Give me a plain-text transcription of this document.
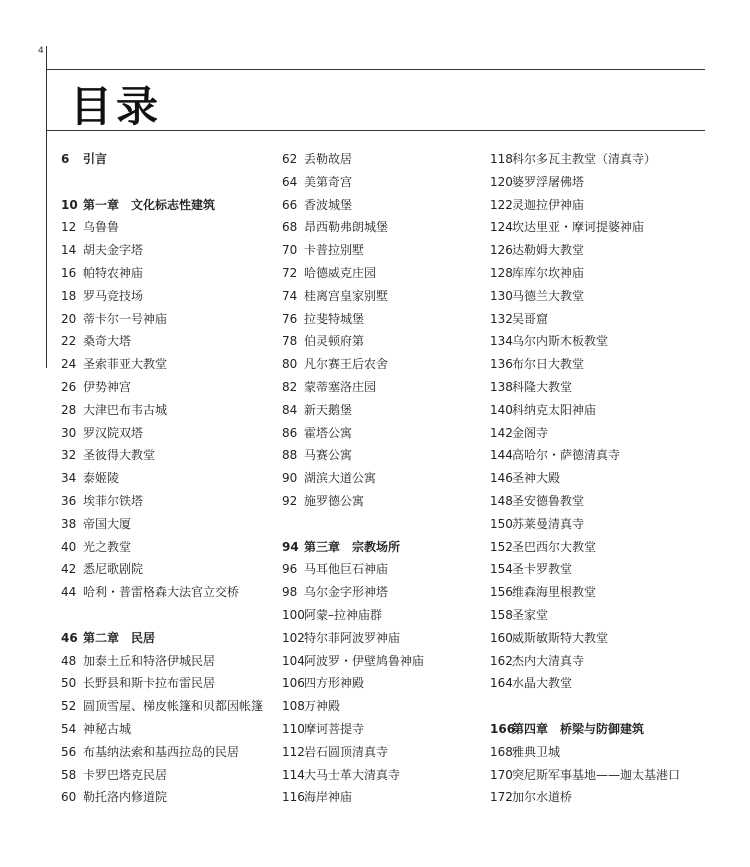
4
目录
6 引言
10 第一章　文化标志性建筑
12 乌鲁鲁
14 胡夫金字塔
16 帕特农神庙
18 罗马竞技场
20 蒂卡尔一号神庙
22 桑奇大塔
24 圣索菲亚大教堂
26 伊势神宫
28 大津巴布韦古城
30 罗汉院双塔
32 圣彼得大教堂
34 泰姬陵
36 埃菲尔铁塔
38 帝国大厦
40 光之教堂
42 悉尼歌剧院
44 哈利・普雷格森大法官立交桥
46 第二章　民居
48 加泰土丘和特洛伊城民居
50 长野县和斯卡拉布雷民居
52 圆顶雪屋、梯皮帐篷和贝都因帐篷
54 神秘古城
56 布基纳法索和基西拉岛的民居
58 卡罗巴塔克民居
60 勒托洛内修道院
62 丢勒故居
64 美第奇宫
66 香波城堡
68 昂西勒弗朗城堡
70 卡普拉别墅
72 哈德威克庄园
74 桂离宫皇家别墅
76 拉斐特城堡
78 伯灵顿府第
80 凡尔赛王后农舍
82 蒙蒂塞洛庄园
84 新天鹅堡
86 霍塔公寓
88 马赛公寓
90 湖滨大道公寓
92 施罗德公寓
94 第三章　宗教场所
96 马耳他巨石神庙
98 乌尔金字形神塔
100阿蒙–拉神庙群
102特尔菲阿波罗神庙
104阿波罗・伊壁鸠鲁神庙
106四方形神殿
108万神殿
110摩诃菩提寺
112岩石圆顶清真寺
114大马士革大清真寺
116海岸神庙
118科尔多瓦主教堂（清真寺）
120婆罗浮屠佛塔
122灵迦拉伊神庙
124坎达里亚・摩诃提婆神庙
126达勒姆大教堂
128库库尔坎神庙
130马德兰大教堂
132吴哥窟
134乌尔内斯木板教堂
136布尔日大教堂
138科隆大教堂
140科纳克太阳神庙
142金阁寺
144高哈尔・萨德清真寺
146圣神大殿
148圣安德鲁教堂
150苏莱曼清真寺
152圣巴西尔大教堂
154圣卡罗教堂
156维森海里根教堂
158圣家堂
160威斯敏斯特大教堂
162杰内大清真寺
164水晶大教堂
166第四章　桥梁与防御建筑
168雅典卫城
170突尼斯军事基地——迦太基港口
172加尔水道桥
